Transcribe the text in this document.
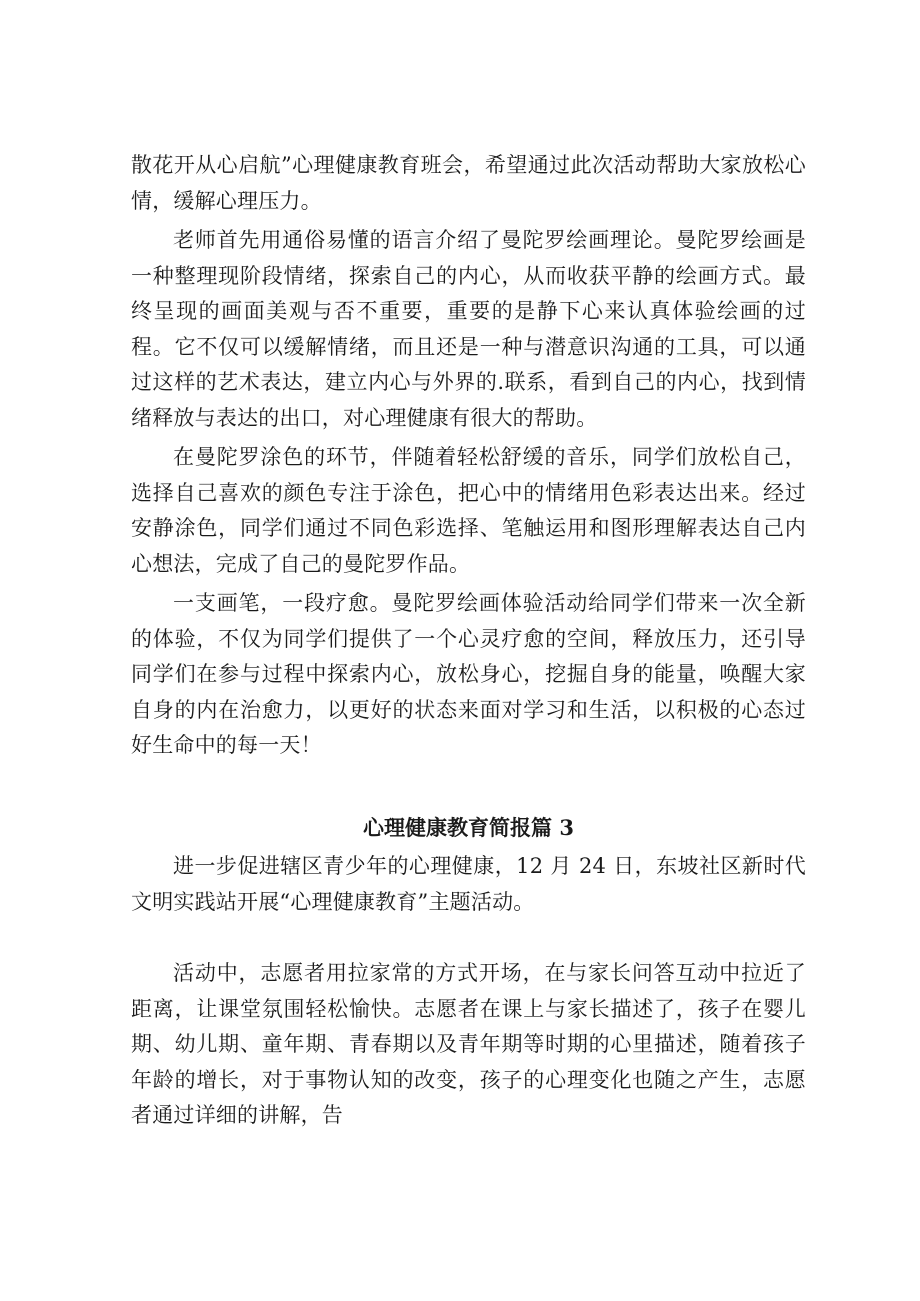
散花开从心启航”心理健康教育班会，希望通过此次活动帮助大家放松心情，缓解心理压力。

老师首先用通俗易懂的语言介绍了曼陀罗绘画理论。曼陀罗绘画是一种整理现阶段情绪，探索自己的内心，从而收获平静的绘画方式。最终呈现的画面美观与否不重要，重要的是静下心来认真体验绘画的过程。它不仅可以缓解情绪，而且还是一种与潜意识沟通的工具，可以通过这样的艺术表达，建立内心与外界的.联系，看到自己的内心，找到情绪释放与表达的出口，对心理健康有很大的帮助。

在曼陀罗涂色的环节，伴随着轻松舒缓的音乐，同学们放松自己，选择自己喜欢的颜色专注于涂色，把心中的情绪用色彩表达出来。经过安静涂色，同学们通过不同色彩选择、笔触运用和图形理解表达自己内心想法，完成了自己的曼陀罗作品。

一支画笔，一段疗愈。曼陀罗绘画体验活动给同学们带来一次全新的体验，不仅为同学们提供了一个心灵疗愈的空间，释放压力，还引导同学们在参与过程中探索内心，放松身心，挖掘自身的能量，唤醒大家自身的内在治愈力，以更好的状态来面对学习和生活，以积极的心态过好生命中的每一天！

心理健康教育简报篇 3

进一步促进辖区青少年的心理健康，12 月 24 日，东坡社区新时代文明实践站开展“心理健康教育”主题活动。

活动中，志愿者用拉家常的方式开场，在与家长问答互动中拉近了距离，让课堂氛围轻松愉快。志愿者在课上与家长描述了，孩子在婴儿期、幼儿期、童年期、青春期以及青年期等时期的心里描述，随着孩子年龄的增长，对于事物认知的改变，孩子的心理变化也随之产生，志愿者通过详细的讲解，告
